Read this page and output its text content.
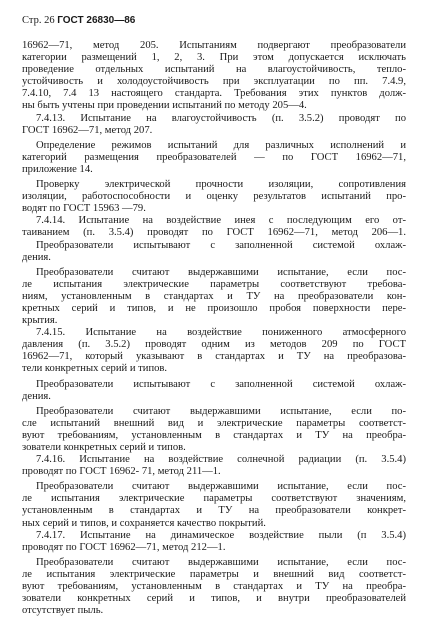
Стр. 26 ГОСТ 26830—86
16962—71, метод 205. Испытаниям подвергают преобразователи
категории размещений 1, 2, 3. При этом допускается исключать
проведение отдельных испытаний на влагоустойчивость, тепло-
устойчивость и холодоустойчивость при эксплуатации по пп. 7.4.9,
7.4.10, 7.4 13 настоящего стандарта. Требования этих пунктов долж-
ны быть учтены при проведении испытаний по методу 205—4.
7.4.13. Испытание на влагоустойчивость (п. 3.5.2) проводят по
ГОСТ 16962—71, метод 207.
Определение режимов испытаний для различных исполнений и
категорий размещения преобразователей — по ГОСТ 16962—71,
приложение 14.
Проверку электрической прочности изоляции, сопротивления
изоляции, работоспособности и оценку результатов испытаний про-
водят по ГОСТ 15963 —79.
7.4.14. Испытание на воздействие инея с последующим его от-
таиванием (п. 3.5.4) проводят по ГОСТ 16962—71, метод 206—1.
Преобразователи испытывают с заполненной системой охлаж-
дения.
Преобразователи считают выдержавшими испытание, если пос-
ле испытания электрические параметры соответствуют требова-
ниям, установленным в стандартах и ТУ на преобразователи кон-
кретных серий и типов, и не произошло пробоя поверхности пере-
крытия.
7.4.15. Испытание на воздействие пониженного атмосферного
давления (п. 3.5.2) проводят одним из методов 209 по ГОСТ
16962—71, который указывают в стандартах и ТУ на преобразова-
тели конкретных серий и типов.
Преобразователи испытывают с заполненной системой охлаж-
дения.
Преобразователи считают выдержавшими испытание, если по-
сле испытаний внешний вид и электрические параметры соответст-
вуют требованиям, установленным в стандартах и ТУ на преобра-
зователи конкретных серий и типов.
7.4.16. Испытание на воздействие солнечной радиации (п. 3.5.4)
проводят по ГОСТ 16962- 71, метод 211—1.
Преобразователи считают выдержавшими испытание, если пос-
ле испытания электрические параметры соответствуют значениям,
установленным в стандартах и ТУ на преобразователи конкрет-
ных серий и типов, и сохраняется качество покрытий.
7.4.17. Испытание на динамическое воздействие пыли (п 3.5.4)
проводят по ГОСТ 16962—71, метод 212—1.
Преобразователи считают выдержавшими испытание, если пос-
ле испытания электрические параметры и внешний вид соответст-
вуют требованиям, установленным в стандартах и ТУ на преобра-
зователи конкретных серий и типов, и внутри преобразователей
отсутствует пыль.
